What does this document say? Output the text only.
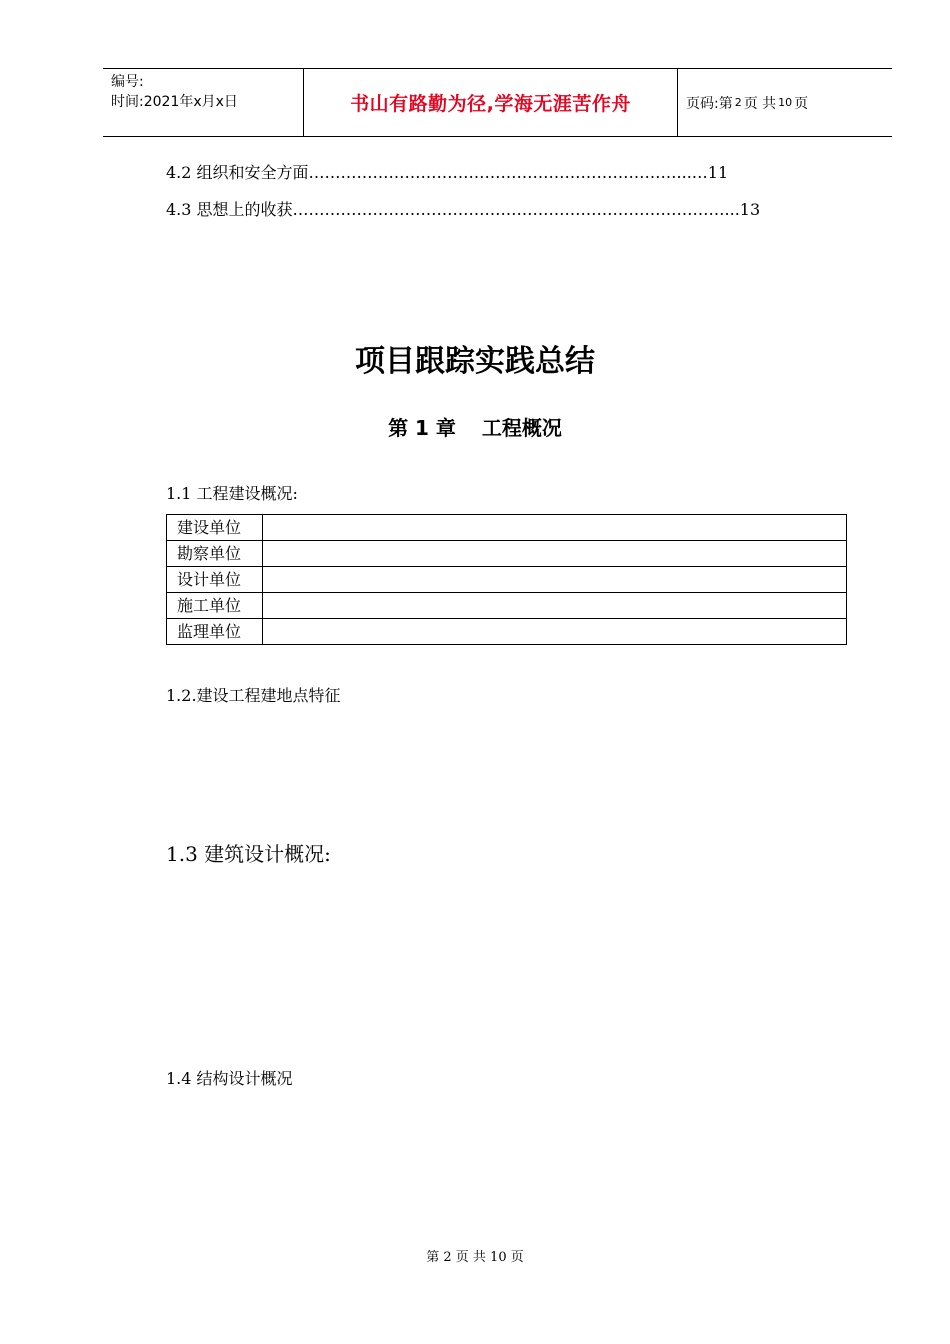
编号:
时间:2021年x月x日	书山有路勤为径,学海无涯苦作舟	页码:第 2 页 共 10 页
4.2 组织和安全方面……………………………………………………………...…11
4.3 思想上的收获………………………………………………………………………...13
项目跟踪实践总结
第 1 章 工程概况
1.1 工程建设概况:
建设单位	
勘察单位	
设计单位	
施工单位	
监理单位	
1.2.建设工程建地点特征
1.3 建筑设计概况:
1.4 结构设计概况
第 2 页 共 10 页
